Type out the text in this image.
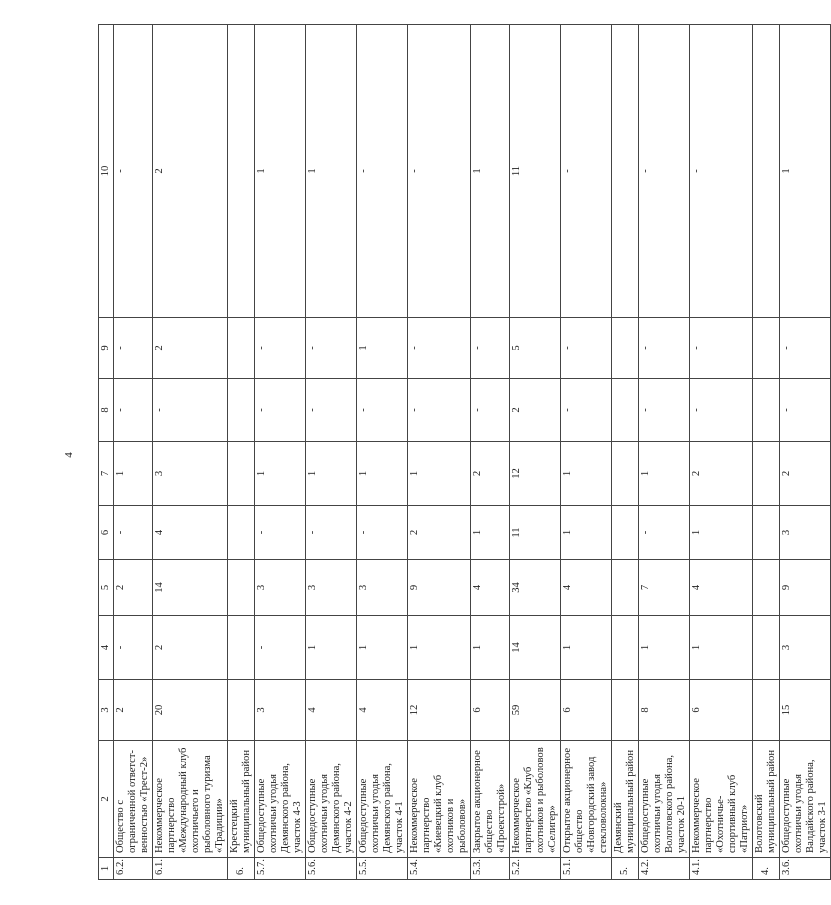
4
1	2	3	4	5	6	7	8	9	10
6.2.	Общество с ограниченной ответст-венностью «Трест-2»	2	-	2	-	1	-	-	-
6.1.	Некоммерческое партнерство «Международный клуб охотничьего и рыболовного туризма «Традиции»	20	2	14	4	3	-	2	2
6.	Крестецкий муниципальный район								
5.7.	Общедоступные охотничьи угодья Демянского района, участок 4-3	3	-	3	-	1	-	-	1
5.6.	Общедоступные охотничьи угодья Демянского района, участок 4-2	4	1	3	-	1	-	-	1
5.5.	Общедоступные охотничьи угодья Демянского района, участок 4-1	4	1	3	-	1	-	1	-
5.4.	Некоммерческое партнерство «Киевецкий клуб охотников и рыболовов»	12	1	9	2	1	-	-	-
5.3.	Закрытое акционерное общество «Проектстрой»	6	1	4	1	2	-	-	1
5.2.	Некоммерческое партнерство «Клуб охотников и рыболовов «Селигер»	59	14	34	11	12	2	5	11
5.1.	Открытое акционерное общество «Новгородский завод стекловолокна»	6	1	4	1	1	-	-	-
5.	Демянский муниципальный район								
4.2.	Общедоступные охотничьи угодья Волотовского района, участок 20-1	8	1	7	-	1	-	-	-
4.1.	Некоммерческое партнерство «Охотничье-спортивный клуб «Патриот»	6	1	4	1	2	-	-	-
4.	Волотовский муниципальный район								
3.6.	Общедоступные охотничьи угодья Валдайского района, участок 3-1	15	3	9	3	2	-	-	1
